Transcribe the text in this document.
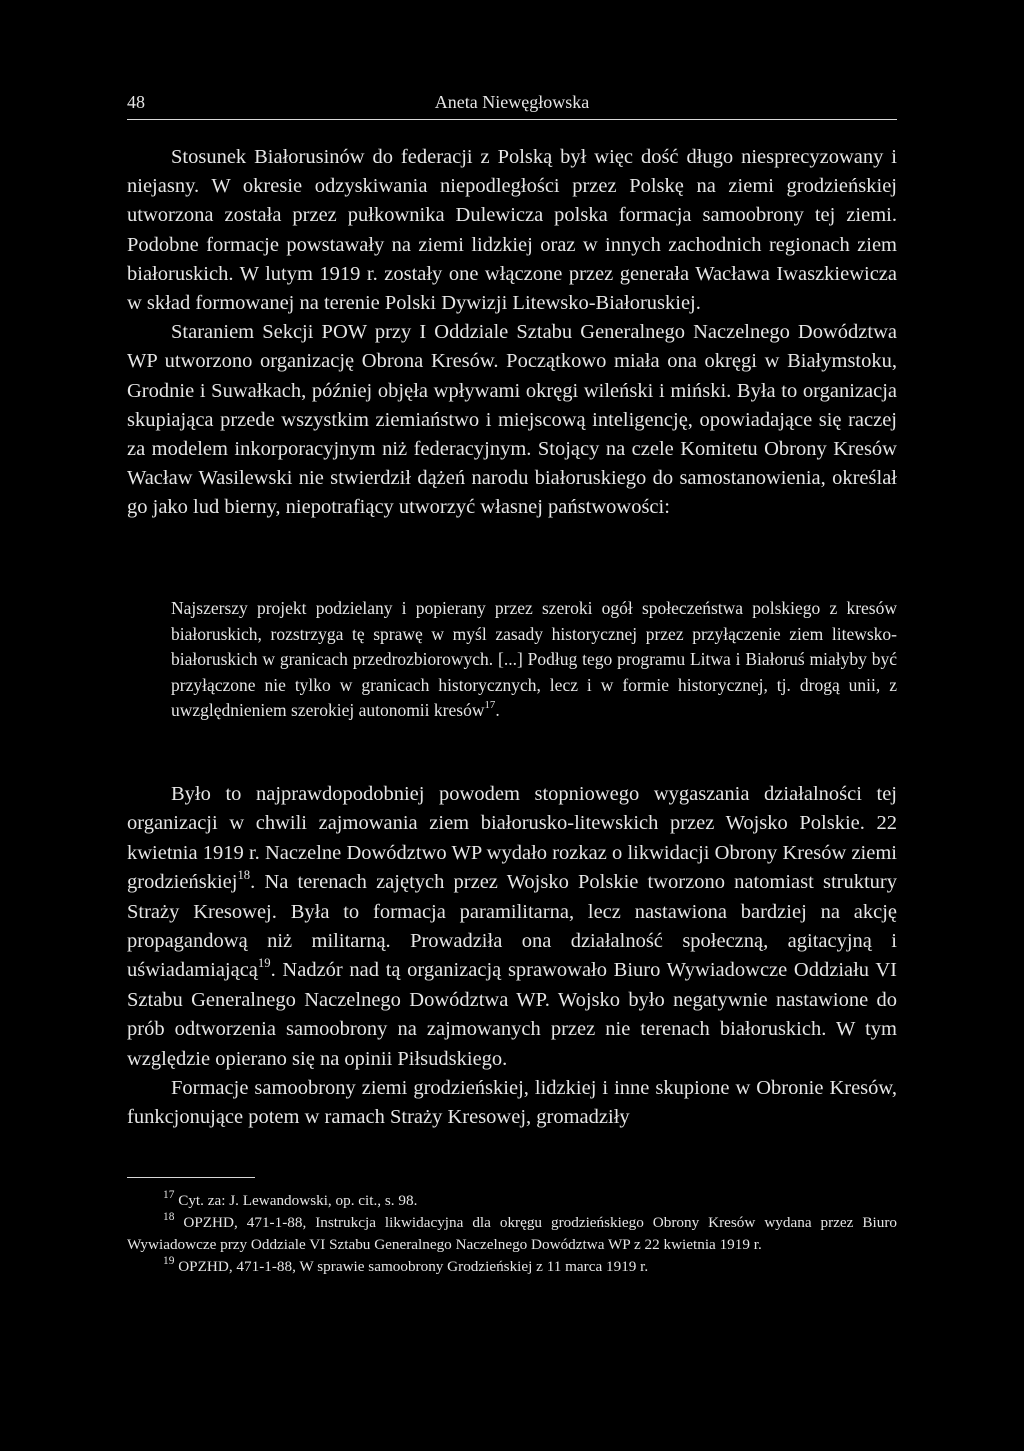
48	Aneta Niewęgłowska

Stosunek Białorusinów do federacji z Polską był więc dość długo niesprecyzowany i niejasny. W okresie odzyskiwania niepodległości przez Polskę na ziemi grodzieńskiej utworzona została przez pułkownika Dulewicza polska formacja samoobrony tej ziemi. Podobne formacje powstawały na ziemi lidzkiej oraz w innych zachodnich regionach ziem białoruskich. W lutym 1919 r. zostały one włączone przez generała Wacława Iwaszkiewicza w skład formowanej na terenie Polski Dywizji Litewsko-Białoruskiej.

Staraniem Sekcji POW przy I Oddziale Sztabu Generalnego Naczelnego Dowództwa WP utworzono organizację Obrona Kresów. Początkowo miała ona okręgi w Białymstoku, Grodnie i Suwałkach, później objęła wpływami okręgi wileński i miński. Była to organizacja skupiająca przede wszystkim ziemiaństwo i miejscową inteligencję, opowiadające się raczej za modelem inkorporacyjnym niż federacyjnym. Stojący na czele Komitetu Obrony Kresów Wacław Wasilewski nie stwierdził dążeń narodu białoruskiego do samostanowienia, określał go jako lud bierny, niepotrafiący utworzyć własnej państwowości:

Najszerszy projekt podzielany i popierany przez szeroki ogół społeczeństwa polskiego z kresów białoruskich, rozstrzyga tę sprawę w myśl zasady historycznej przez przyłączenie ziem litewsko-białoruskich w granicach przedrozbiorowych. [...] Podług tego programu Litwa i Białoruś miałyby być przyłączone nie tylko w granicach historycznych, lecz i w formie historycznej, tj. drogą unii, z uwzględnieniem szerokiej autonomii kresów$^{17}$.

Było to najprawdopodobniej powodem stopniowego wygaszania działalności tej organizacji w chwili zajmowania ziem białorusko-litewskich przez Wojsko Polskie. 22 kwietnia 1919 r. Naczelne Dowództwo WP wydało rozkaz o likwidacji Obrony Kresów ziemi grodzieńskiej$^{18}$. Na terenach zajętych przez Wojsko Polskie tworzono natomiast struktury Straży Kresowej. Była to formacja paramilitarna, lecz nastawiona bardziej na akcję propagandową niż militarną. Prowadziła ona działalność społeczną, agitacyjną i uświadamiającą$^{19}$. Nadzór nad tą organizacją sprawowało Biuro Wywiadowcze Oddziału VI Sztabu Generalnego Naczelnego Dowództwa WP. Wojsko było negatywnie nastawione do prób odtworzenia samoobrony na zajmowanych przez nie terenach białoruskich. W tym względzie opierano się na opinii Piłsudskiego.

Formacje samoobrony ziemi grodzieńskiej, lidzkiej i inne skupione w Obronie Kresów, funkcjonujące potem w ramach Straży Kresowej, gromadziły

$^{17}$ Cyt. za: J. Lewandowski, op. cit., s. 98.

$^{18}$ OPZHD, 471-1-88, Instrukcja likwidacyjna dla okręgu grodzieńskiego Obrony Kresów wydana przez Biuro Wywiadowcze przy Oddziale VI Sztabu Generalnego Naczelnego Dowództwa WP z 22 kwietnia 1919 r.

$^{19}$ OPZHD, 471-1-88, W sprawie samoobrony Grodzieńskiej z 11 marca 1919 r.
